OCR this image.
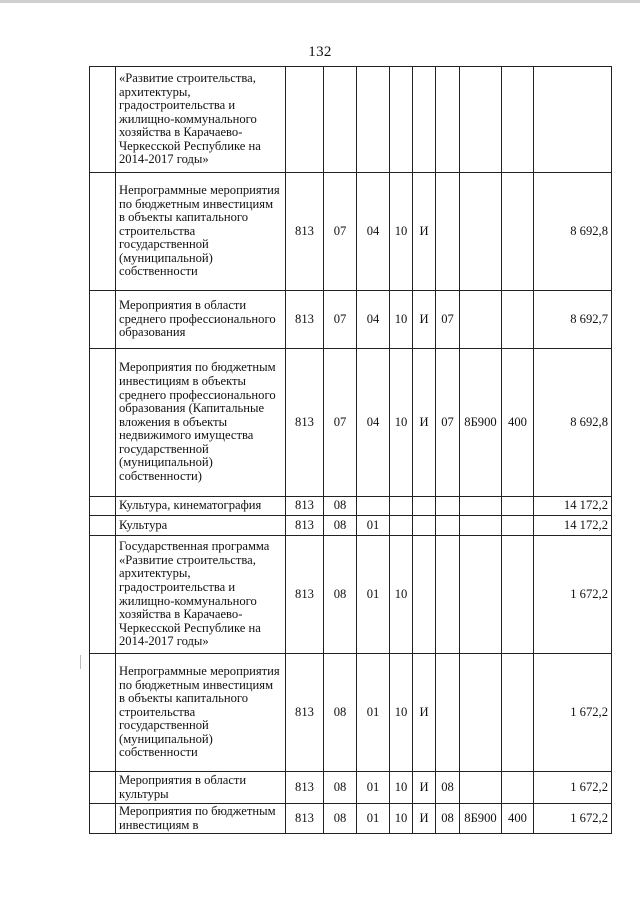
132
	«Развитие строительства, архитектуры, градостроительства и жилищно-коммунального хозяйства в Карачаево-Черкесской Республике на 2014-2017 годы»									
	Непрограммные мероприятия по бюджетным инвестициям в объекты капитального строительства государственной (муниципальной) собственности	813	07	04	10	И				8 692,8
	Мероприятия в области среднего профессионального образования	813	07	04	10	И	07			8 692,7
	Мероприятия по бюджетным инвестициям в объекты среднего профессионального образования (Капитальные вложения в объекты недвижимого имущества государственной (муниципальной) собственности)	813	07	04	10	И	07	8Б900	400	8 692,8
	Культура, кинематография	813	08							14 172,2
	Культура	813	08	01						14 172,2
	Государственная программа «Развитие строительства, архитектуры, градостроительства и жилищно-коммунального хозяйства в Карачаево-Черкесской Республике на 2014-2017 годы»	813	08	01	10					1 672,2
	Непрограммные мероприятия по бюджетным инвестициям в объекты капитального строительства государственной (муниципальной) собственности	813	08	01	10	И				1 672,2
	Мероприятия в области культуры	813	08	01	10	И	08			1 672,2
	Мероприятия по бюджетным инвестициям в	813	08	01	10	И	08	8Б900	400	1 672,2
